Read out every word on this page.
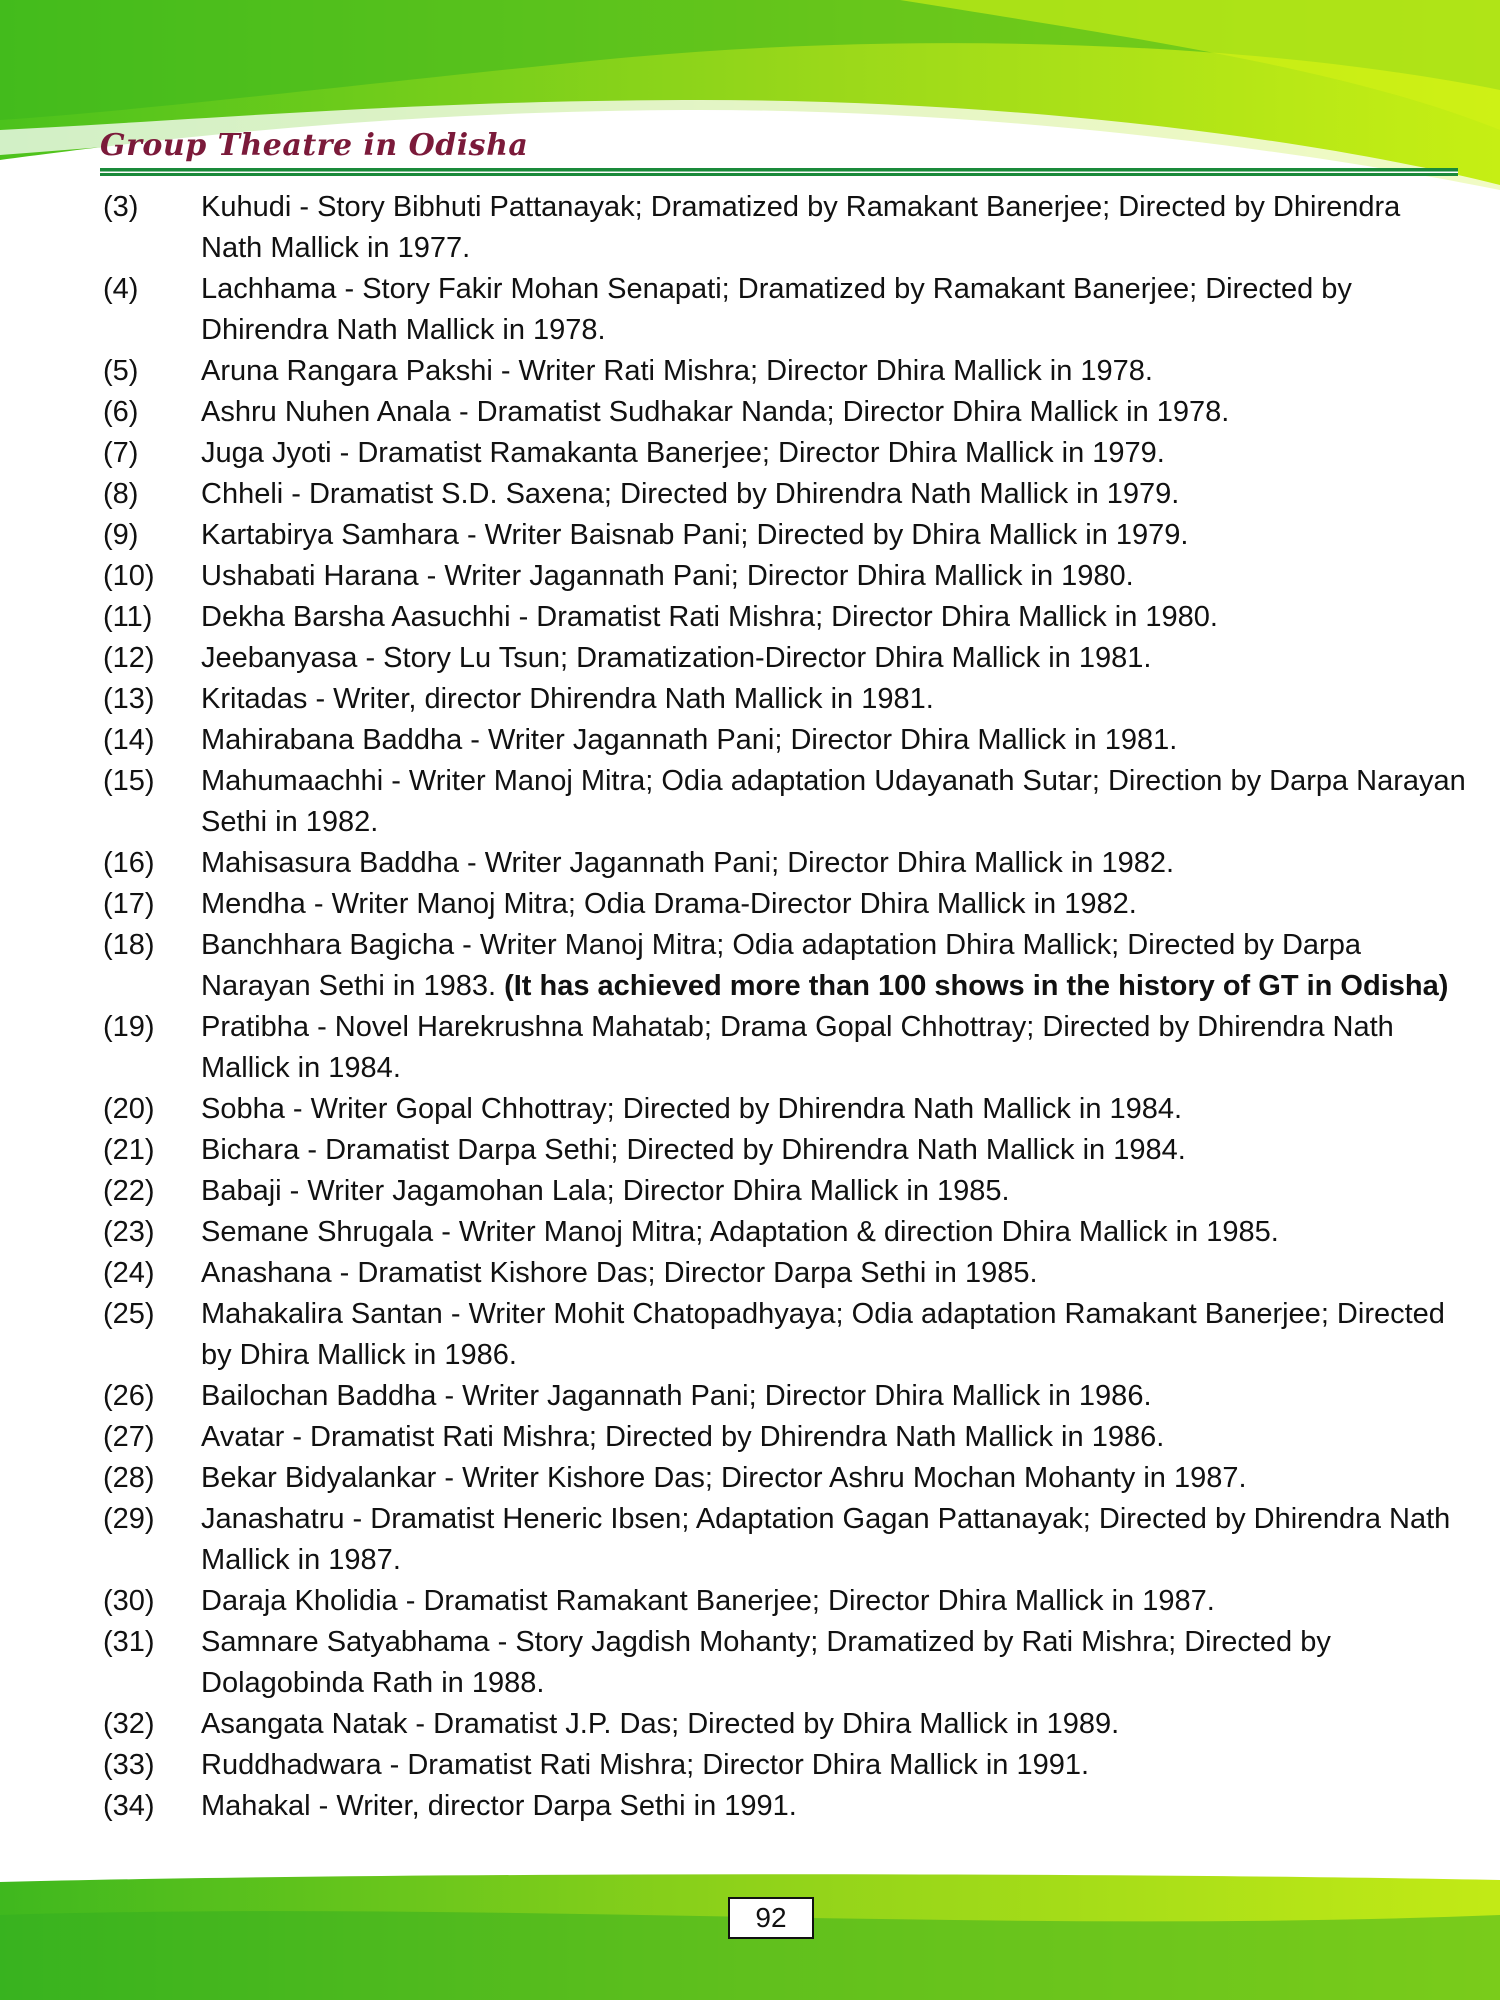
Group Theatre in Odisha
(3)	Kuhudi - Story Bibhuti Pattanayak; Dramatized by Ramakant Banerjee; Directed by Dhirendra Nath Mallick in 1977.
(4)	Lachhama - Story Fakir Mohan Senapati; Dramatized by Ramakant Banerjee; Directed by Dhirendra Nath Mallick in 1978.
(5)	Aruna Rangara Pakshi - Writer Rati Mishra; Director Dhira Mallick in 1978.
(6)	Ashru Nuhen Anala - Dramatist Sudhakar Nanda; Director Dhira Mallick in 1978.
(7)	Juga Jyoti - Dramatist Ramakanta Banerjee; Director Dhira Mallick in 1979.
(8)	Chheli - Dramatist S.D. Saxena; Directed by Dhirendra Nath Mallick in 1979.
(9)	Kartabirya Samhara - Writer Baisnab Pani; Directed by Dhira Mallick in 1979.
(10)	Ushabati Harana - Writer Jagannath Pani; Director Dhira Mallick in 1980.
(11)	Dekha Barsha Aasuchhi - Dramatist Rati Mishra; Director Dhira Mallick in 1980.
(12)	Jeebanyasa - Story Lu Tsun; Dramatization-Director Dhira Mallick in 1981.
(13)	Kritadas - Writer, director Dhirendra Nath Mallick in 1981.
(14)	Mahirabana Baddha - Writer Jagannath Pani; Director Dhira Mallick in 1981.
(15)	Mahumaachhi - Writer Manoj Mitra; Odia adaptation Udayanath Sutar; Direction by Darpa Narayan Sethi in 1982.
(16)	Mahisasura Baddha - Writer Jagannath Pani; Director Dhira Mallick in 1982.
(17)	Mendha - Writer Manoj Mitra; Odia Drama-Director Dhira Mallick in 1982.
(18)	Banchhara Bagicha - Writer Manoj Mitra; Odia adaptation Dhira Mallick; Directed by Darpa Narayan Sethi in 1983. (It has achieved more than 100 shows in the history of GT in Odisha)
(19)	Pratibha - Novel Harekrushna Mahatab; Drama Gopal Chhottray; Directed by Dhirendra Nath Mallick in 1984.
(20)	Sobha - Writer Gopal Chhottray; Directed by Dhirendra Nath Mallick in 1984.
(21)	Bichara - Dramatist Darpa Sethi; Directed by Dhirendra Nath Mallick in 1984.
(22)	Babaji - Writer Jagamohan Lala; Director Dhira Mallick in 1985.
(23)	Semane Shrugala - Writer Manoj Mitra; Adaptation & direction Dhira Mallick in 1985.
(24)	Anashana - Dramatist Kishore Das; Director Darpa Sethi in 1985.
(25)	Mahakalira Santan - Writer Mohit Chatopadhyaya; Odia adaptation Ramakant Banerjee; Directed by Dhira Mallick in 1986.
(26)	Bailochan Baddha - Writer Jagannath Pani; Director Dhira Mallick in 1986.
(27)	Avatar - Dramatist Rati Mishra; Directed by Dhirendra Nath Mallick in 1986.
(28)	Bekar Bidyalankar - Writer Kishore Das; Director Ashru Mochan Mohanty in 1987.
(29)	Janashatru - Dramatist Heneric Ibsen; Adaptation Gagan Pattanayak; Directed by Dhirendra Nath Mallick in 1987.
(30)	Daraja Kholidia - Dramatist Ramakant Banerjee; Director Dhira Mallick in 1987.
(31)	Samnare Satyabhama - Story Jagdish Mohanty; Dramatized by Rati Mishra; Directed by Dolagobinda Rath in 1988.
(32)	Asangata Natak - Dramatist J.P. Das; Directed by Dhira Mallick in 1989.
(33)	Ruddhadwara - Dramatist Rati Mishra; Director Dhira Mallick in 1991.
(34)	Mahakal - Writer, director Darpa Sethi in 1991.
92
